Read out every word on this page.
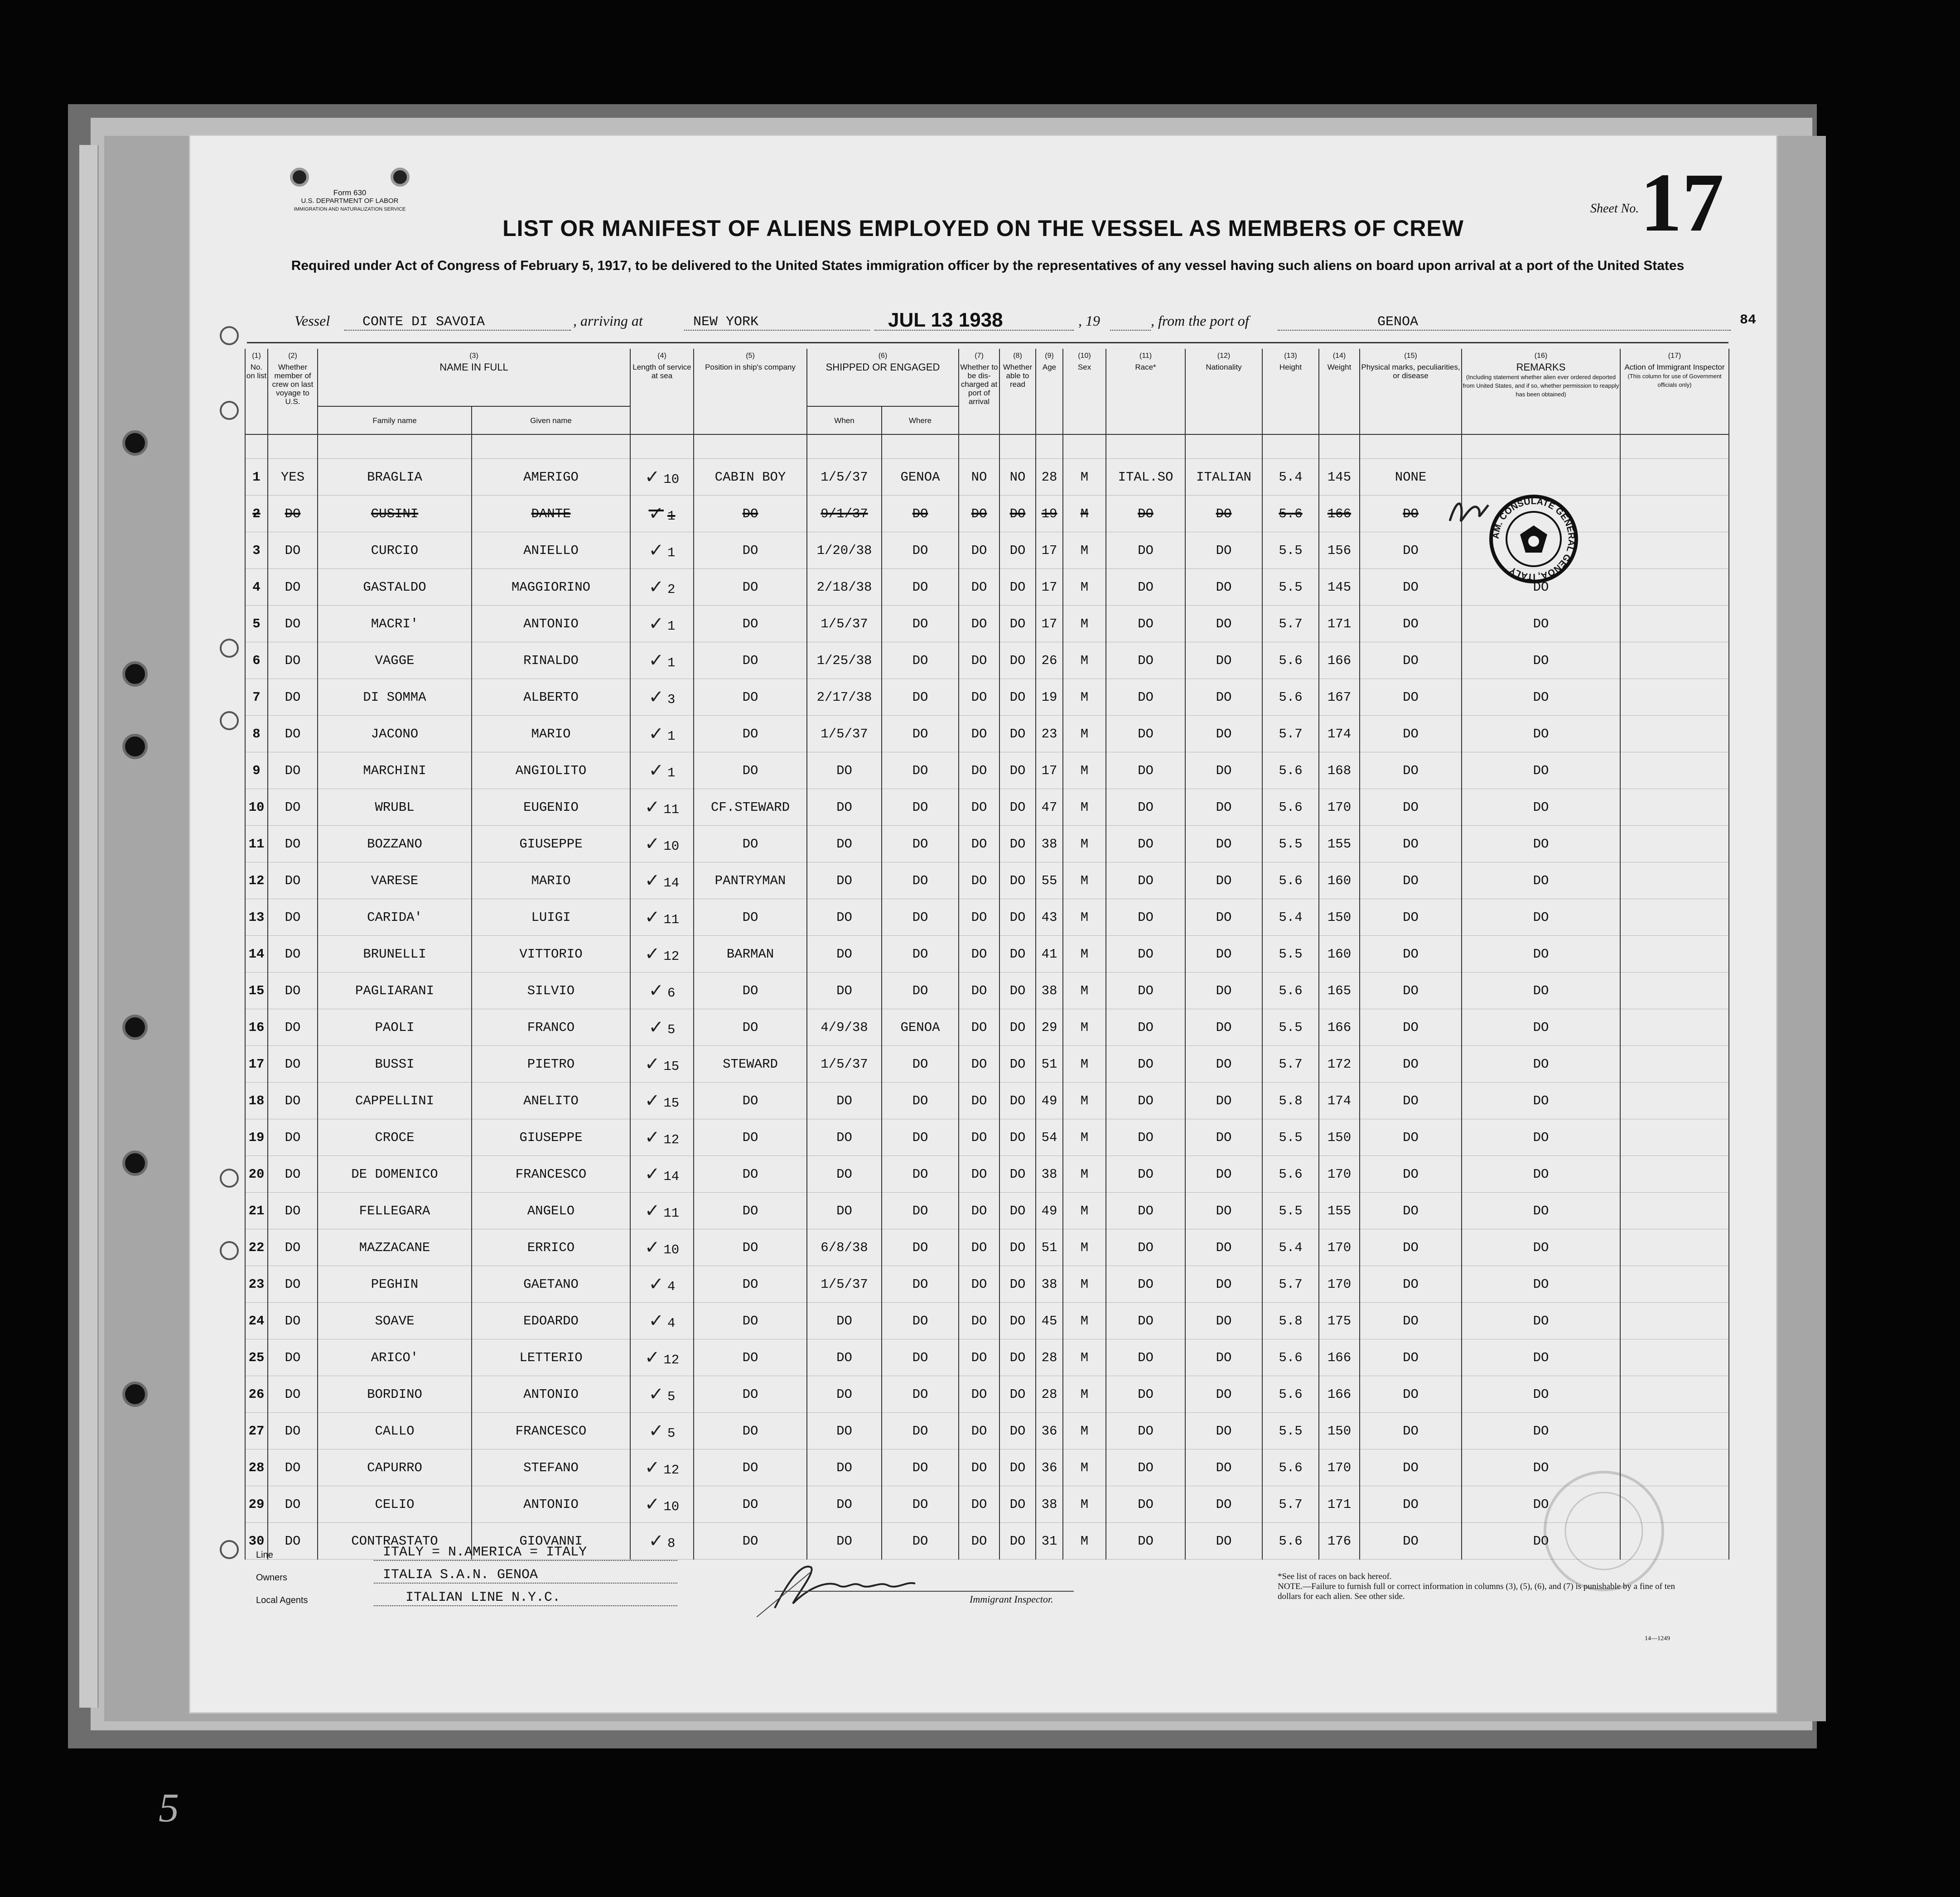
Form 630
U.S. DEPARTMENT OF LABOR
IMMIGRATION AND NATURALIZATION SERVICE	Sheet No. 17
LIST OR MANIFEST OF ALIENS EMPLOYED ON THE VESSEL AS MEMBERS OF CREW
Required under Act of Congress of February 5, 1917, to be delivered to the United States immigration officer by the representatives of any vessel having such aliens on board upon arrival at a port of the United States
Vessel CONTE DI SAVOIA	, arriving at	NEW YORK	JUL 13 1938	, 19	, from the port of	GENOA	84
(1)
No. on list	(2)
Whether member of crew on last voyage to U.S.	(3)
NAME IN FULL		(4)
Length of service at sea	(5)
Position in ship's company	(6)
SHIPPED OR ENGAGED		(7)
Whether to be dis-charged at port of arrival	(8)
Whether able to read	(9)
Age	(10)
Sex	(11)
Race*	(12)
Nationality	(13)
Height	(14)
Weight	(15)
Physical marks, peculiarities, or disease	(16)
REMARKS
(Including statement whether alien ever ordered deported from United States, and if so, whether permission to reapply has been obtained)	(17)
Action of Immigrant Inspector
(This column for use of Government officials only)	
		Family name	Given name			When	Where												

1	YES	BRAGLIA	AMERIGO	✓ 10	CABIN BOY	1/5/37	GENOA	NO	NO	28	M	ITAL.SO	ITALIAN	5.4	145	NONE			
2	DO	CUSINI	DANTE	✓ 1	DO	9/1/37	DO	DO	DO	19	M	DO	DO	5.6	166	DO			
3	DO	CURCIO	ANIELLO	✓ 1	DO	1/20/38	DO	DO	DO	17	M	DO	DO	5.5	156	DO			
4	DO	GASTALDO	MAGGIORINO	✓ 2	DO	2/18/38	DO	DO	DO	17	M	DO	DO	5.5	145	DO	DO		
5	DO	MACRI'	ANTONIO	✓ 1	DO	1/5/37	DO	DO	DO	17	M	DO	DO	5.7	171	DO	DO		
6	DO	VAGGE	RINALDO	✓ 1	DO	1/25/38	DO	DO	DO	26	M	DO	DO	5.6	166	DO	DO		
7	DO	DI SOMMA	ALBERTO	✓ 3	DO	2/17/38	DO	DO	DO	19	M	DO	DO	5.6	167	DO	DO		
8	DO	JACONO	MARIO	✓ 1	DO	1/5/37	DO	DO	DO	23	M	DO	DO	5.7	174	DO	DO		
9	DO	MARCHINI	ANGIOLITO	✓ 1	DO	DO	DO	DO	DO	17	M	DO	DO	5.6	168	DO	DO		
10	DO	WRUBL	EUGENIO	✓ 11	CF.STEWARD	DO	DO	DO	DO	47	M	DO	DO	5.6	170	DO	DO		
11	DO	BOZZANO	GIUSEPPE	✓ 10	DO	DO	DO	DO	DO	38	M	DO	DO	5.5	155	DO	DO		
12	DO	VARESE	MARIO	✓ 14	PANTRYMAN	DO	DO	DO	DO	55	M	DO	DO	5.6	160	DO	DO		
13	DO	CARIDA'	LUIGI	✓ 11	DO	DO	DO	DO	DO	43	M	DO	DO	5.4	150	DO	DO		
14	DO	BRUNELLI	VITTORIO	✓ 12	BARMAN	DO	DO	DO	DO	41	M	DO	DO	5.5	160	DO	DO		
15	DO	PAGLIARANI	SILVIO	✓ 6	DO	DO	DO	DO	DO	38	M	DO	DO	5.6	165	DO	DO		
16	DO	PAOLI	FRANCO	✓ 5	DO	4/9/38	GENOA	DO	DO	29	M	DO	DO	5.5	166	DO	DO		
17	DO	BUSSI	PIETRO	✓ 15	STEWARD	1/5/37	DO	DO	DO	51	M	DO	DO	5.7	172	DO	DO		
18	DO	CAPPELLINI	ANELITO	✓ 15	DO	DO	DO	DO	DO	49	M	DO	DO	5.8	174	DO	DO		
19	DO	CROCE	GIUSEPPE	✓ 12	DO	DO	DO	DO	DO	54	M	DO	DO	5.5	150	DO	DO		
20	DO	DE DOMENICO	FRANCESCO	✓ 14	DO	DO	DO	DO	DO	38	M	DO	DO	5.6	170	DO	DO		
21	DO	FELLEGARA	ANGELO	✓ 11	DO	DO	DO	DO	DO	49	M	DO	DO	5.5	155	DO	DO		
22	DO	MAZZACANE	ERRICO	✓ 10	DO	6/8/38	DO	DO	DO	51	M	DO	DO	5.4	170	DO	DO		
23	DO	PEGHIN	GAETANO	✓ 4	DO	1/5/37	DO	DO	DO	38	M	DO	DO	5.7	170	DO	DO		
24	DO	SOAVE	EDOARDO	✓ 4	DO	DO	DO	DO	DO	45	M	DO	DO	5.8	175	DO	DO		
25	DO	ARICO'	LETTERIO	✓ 12	DO	DO	DO	DO	DO	28	M	DO	DO	5.6	166	DO	DO		
26	DO	BORDINO	ANTONIO	✓ 5	DO	DO	DO	DO	DO	28	M	DO	DO	5.6	166	DO	DO		
27	DO	CALLO	FRANCESCO	✓ 5	DO	DO	DO	DO	DO	36	M	DO	DO	5.5	150	DO	DO		
28	DO	CAPURRO	STEFANO	✓ 12	DO	DO	DO	DO	DO	36	M	DO	DO	5.6	170	DO	DO		
29	DO	CELIO	ANTONIO	✓ 10	DO	DO	DO	DO	DO	38	M	DO	DO	5.7	171	DO	DO		
30	DO	CONTRASTATO	GIOVANNI	✓ 8	DO	DO	DO	DO	DO	31	M	DO	DO	5.6	176	DO	DO		
AM. CONSULATE GENERAL GENOA, ITALY
Line	ITALY = N.AMERICA = ITALY
Owners	ITALIA S.A.N. GENOA
Local Agents	ITALIAN LINE N.Y.C.	Immigrant Inspector.
*See list of races on back hereof.
NOTE.—Failure to furnish full or correct information in columns (3), (5), (6), and (7) is punishable by a fine of ten dollars for each alien. See other side.
14—1249
5
